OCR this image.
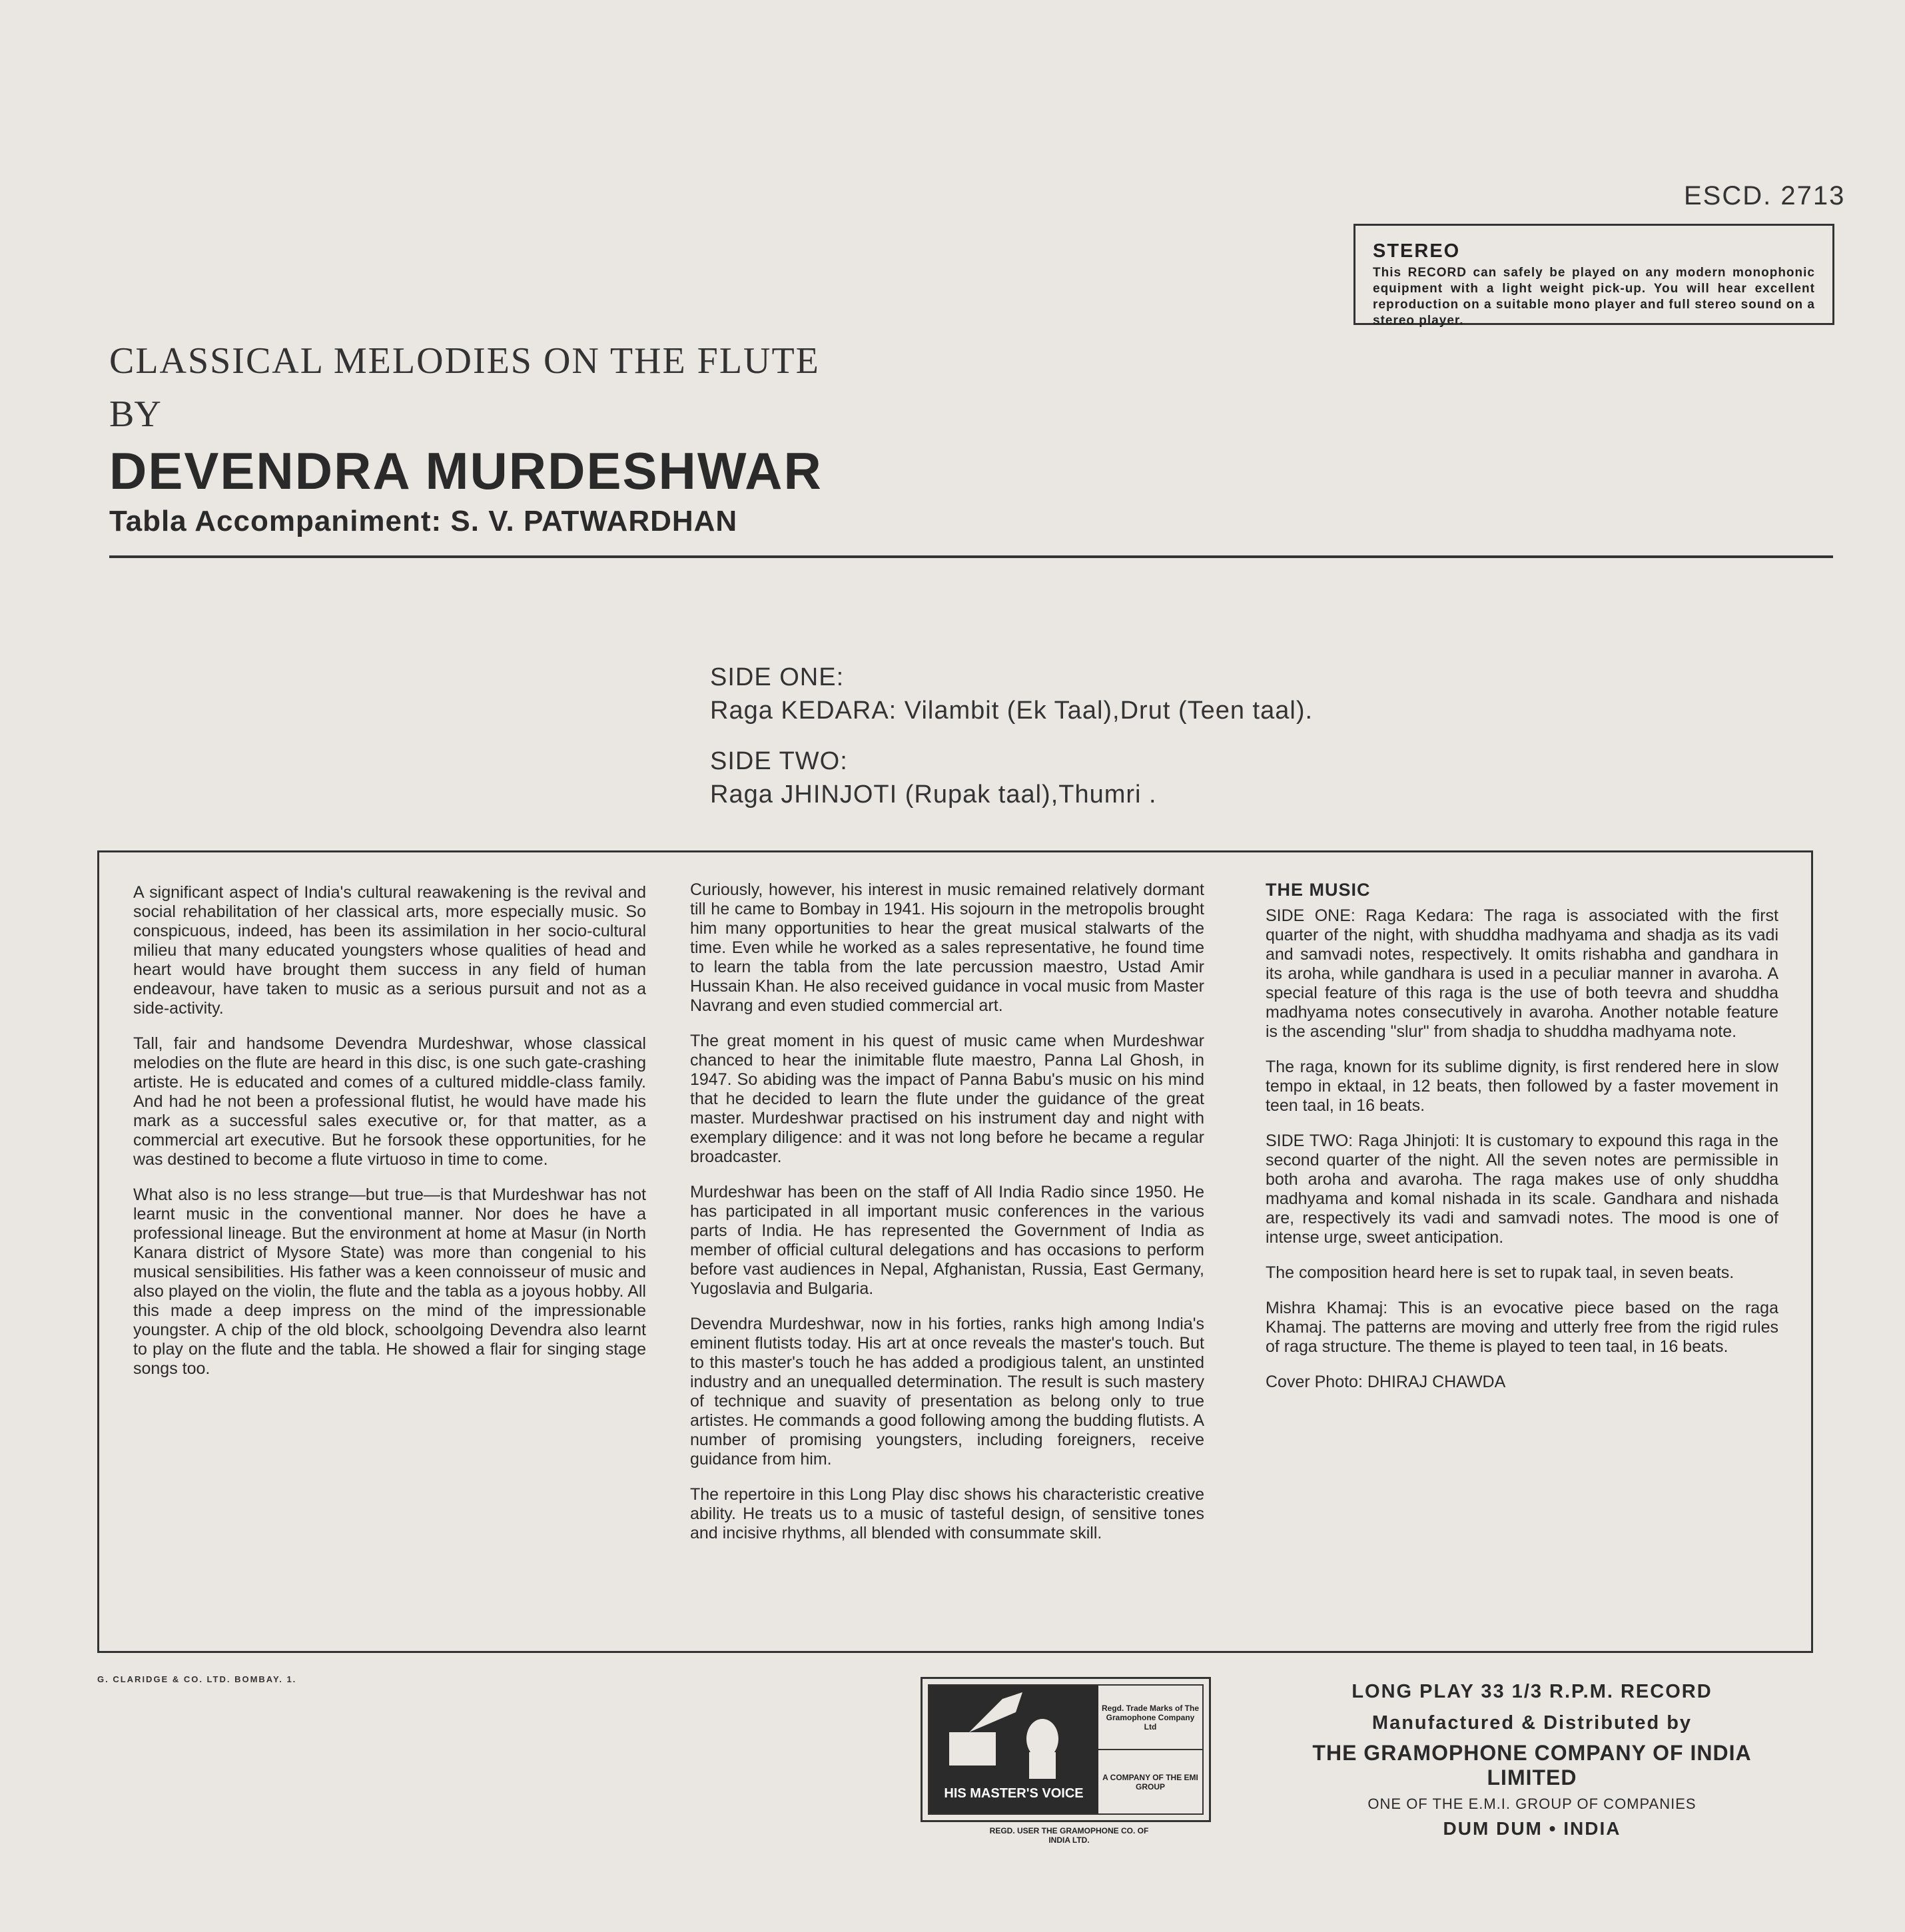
ESCD. 2713
STEREO
This RECORD can safely be played on any modern monophonic equipment with a light weight pick-up. You will hear excellent reproduction on a suitable mono player and full stereo sound on a stereo player.
CLASSICAL MELODIES ON THE FLUTE
BY
DEVENDRA MURDESHWAR
Tabla Accompaniment: S. V. PATWARDHAN
SIDE ONE:
Raga KEDARA: Vilambit (Ek Taal),Drut (Teen taal).
SIDE TWO:
Raga JHINJOTI (Rupak taal),Thumri .

A significant aspect of India's cultural reawakening is the revival and social rehabilitation of her classical arts, more especially music. So conspicuous, indeed, has been its assimilation in her socio-cultural milieu that many educated youngsters whose qualities of head and heart would have brought them success in any field of human endeavour, have taken to music as a serious pursuit and not as a side-activity.

Tall, fair and handsome Devendra Murdeshwar, whose classical melodies on the flute are heard in this disc, is one such gate-crashing artiste. He is educated and comes of a cultured middle-class family. And had he not been a professional flutist, he would have made his mark as a successful sales executive or, for that matter, as a commercial art executive. But he forsook these opportunities, for he was destined to become a flute virtuoso in time to come.

What also is no less strange—but true—is that Murdeshwar has not learnt music in the conventional manner. Nor does he have a professional lineage. But the environment at home at Masur (in North Kanara district of Mysore State) was more than congenial to his musical sensibilities. His father was a keen connoisseur of music and also played on the violin, the flute and the tabla as a joyous hobby. All this made a deep impress on the mind of the impressionable youngster. A chip of the old block, schoolgoing Devendra also learnt to play on the flute and the tabla. He showed a flair for singing stage songs too.

Curiously, however, his interest in music remained relatively dormant till he came to Bombay in 1941. His sojourn in the metropolis brought him many opportunities to hear the great musical stalwarts of the time. Even while he worked as a sales representative, he found time to learn the tabla from the late percussion maestro, Ustad Amir Hussain Khan. He also received guidance in vocal music from Master Navrang and even studied commercial art.

The great moment in his quest of music came when Murdeshwar chanced to hear the inimitable flute maestro, Panna Lal Ghosh, in 1947. So abiding was the impact of Panna Babu's music on his mind that he decided to learn the flute under the guidance of the great master. Murdeshwar practised on his instrument day and night with exemplary diligence: and it was not long before he became a regular broadcaster.

Murdeshwar has been on the staff of All India Radio since 1950. He has participated in all important music conferences in the various parts of India. He has represented the Government of India as member of official cultural delegations and has occasions to perform before vast audiences in Nepal, Afghanistan, Russia, East Germany, Yugoslavia and Bulgaria.

Devendra Murdeshwar, now in his forties, ranks high among India's eminent flutists today. His art at once reveals the master's touch. But to this master's touch he has added a prodigious talent, an unstinted industry and an unequalled determination. The result is such mastery of technique and suavity of presentation as belong only to true artistes. He commands a good following among the budding flutists. A number of promising youngsters, including foreigners, receive guidance from him.

The repertoire in this Long Play disc shows his characteristic creative ability. He treats us to a music of tasteful design, of sensitive tones and incisive rhythms, all blended with consummate skill.

THE MUSIC

SIDE ONE: Raga Kedara: The raga is associated with the first quarter of the night, with shuddha madhyama and shadja as its vadi and samvadi notes, respectively. It omits rishabha and gandhara in its aroha, while gandhara is used in a peculiar manner in avaroha. A special feature of this raga is the use of both teevra and shuddha madhyama notes consecutively in avaroha. Another notable feature is the ascending "slur" from shadja to shuddha madhyama note.

The raga, known for its sublime dignity, is first rendered here in slow tempo in ektaal, in 12 beats, then followed by a faster movement in teen taal, in 16 beats.

SIDE TWO: Raga Jhinjoti: It is customary to expound this raga in the second quarter of the night. All the seven notes are permissible in both aroha and avaroha. The raga makes use of only shuddha madhyama and komal nishada in its scale. Gandhara and nishada are, respectively its vadi and samvadi notes. The mood is one of intense urge, sweet anticipation.

The composition heard here is set to rupak taal, in seven beats.

Mishra Khamaj: This is an evocative piece based on the raga Khamaj. The patterns are moving and utterly free from the rigid rules of raga structure. The theme is played to teen taal, in 16 beats.

Cover Photo: DHIRAJ CHAWDA

G. CLARIDGE & CO. LTD. BOMBAY. 1.
HIS MASTER'S VOICE
Regd. Trade Marks of The Gramophone Company Ltd
A COMPANY OF THE EMI GROUP
REGD. USER THE GRAMOPHONE CO. OF INDIA LTD.
LONG PLAY 33 1/3 R.P.M. RECORD
Manufactured & Distributed by
THE GRAMOPHONE COMPANY OF INDIA LIMITED
ONE OF THE E.M.I. GROUP OF COMPANIES
DUM DUM • INDIA
